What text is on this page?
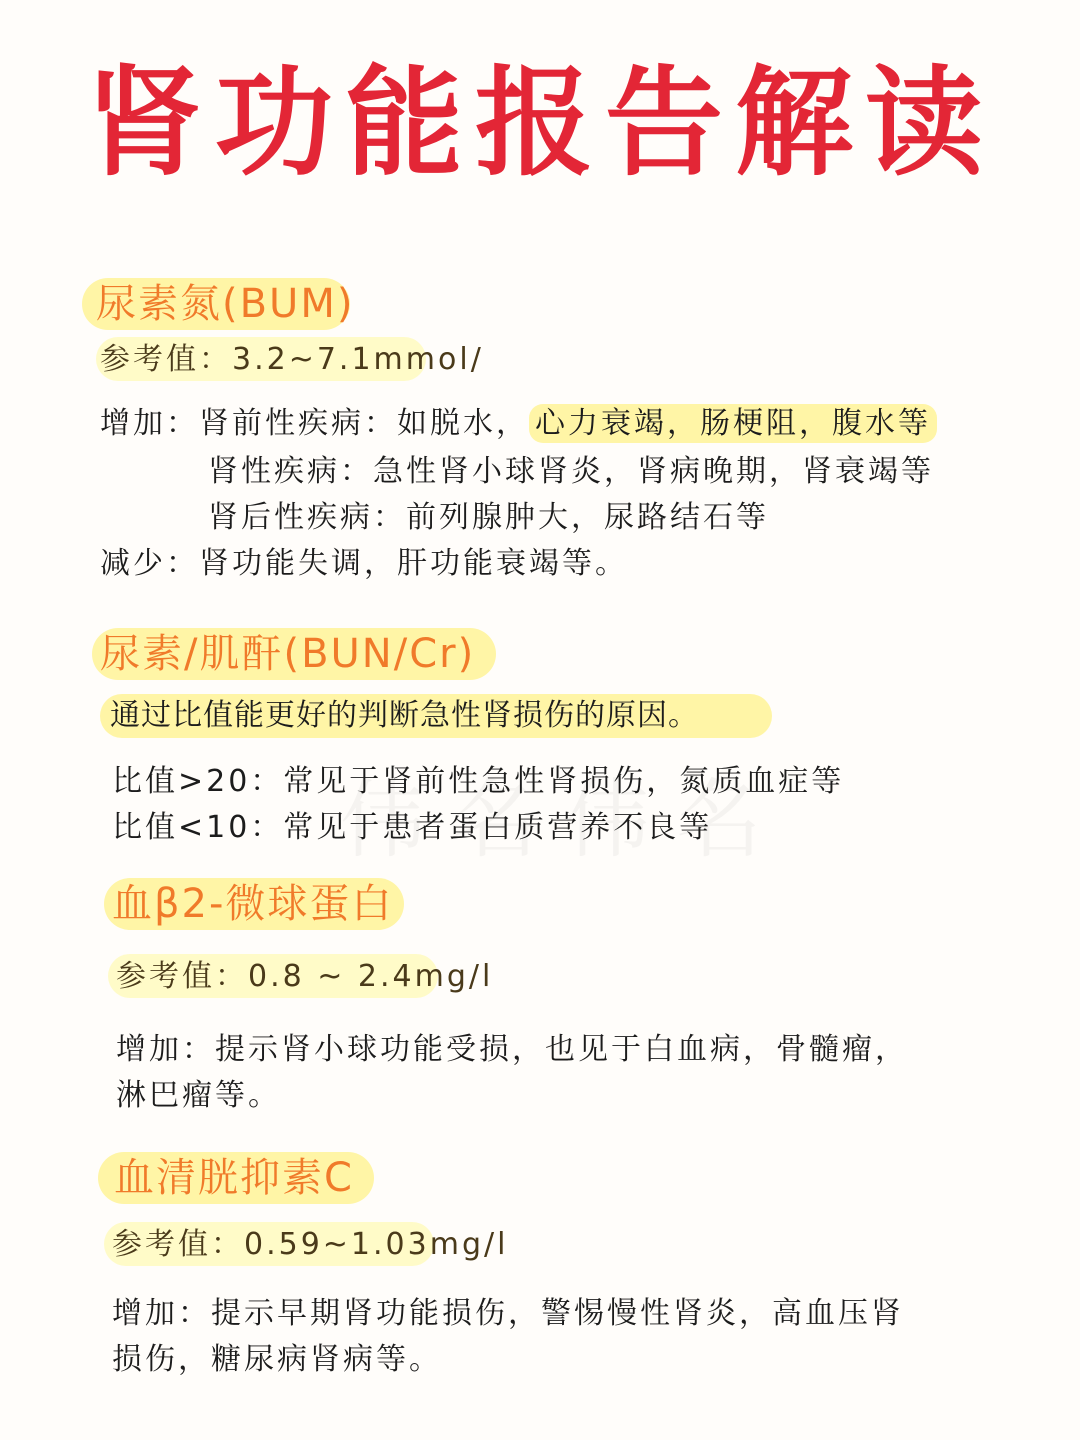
肾功能报告解读
尿素氮(BUM)
参考值：3.2~7.1mmol/
增加：肾前性疾病：如脱水， 心力衰竭，肠梗阻，腹水等
肾性疾病：急性肾小球肾炎，肾病晚期，肾衰竭等
肾后性疾病：前列腺肿大，尿路结石等
减少：肾功能失调，肝功能衰竭等。
尿素/肌酐(BUN/Cr)
通过比值能更好的判断急性肾损伤的原因。
比值>20：常见于肾前性急性肾损伤，氮质血症等
比值<10：常见于患者蛋白质营养不良等
血β2-微球蛋白
参考值：0.8 ~ 2.4mg/l
增加：提示肾小球功能受损，也见于白血病，骨髓瘤，
淋巴瘤等。
血清胱抑素C
参考值：0.59~1.03mg/l
增加：提示早期肾功能损伤，警惕慢性肾炎，高血压肾
损伤，糖尿病肾病等。
